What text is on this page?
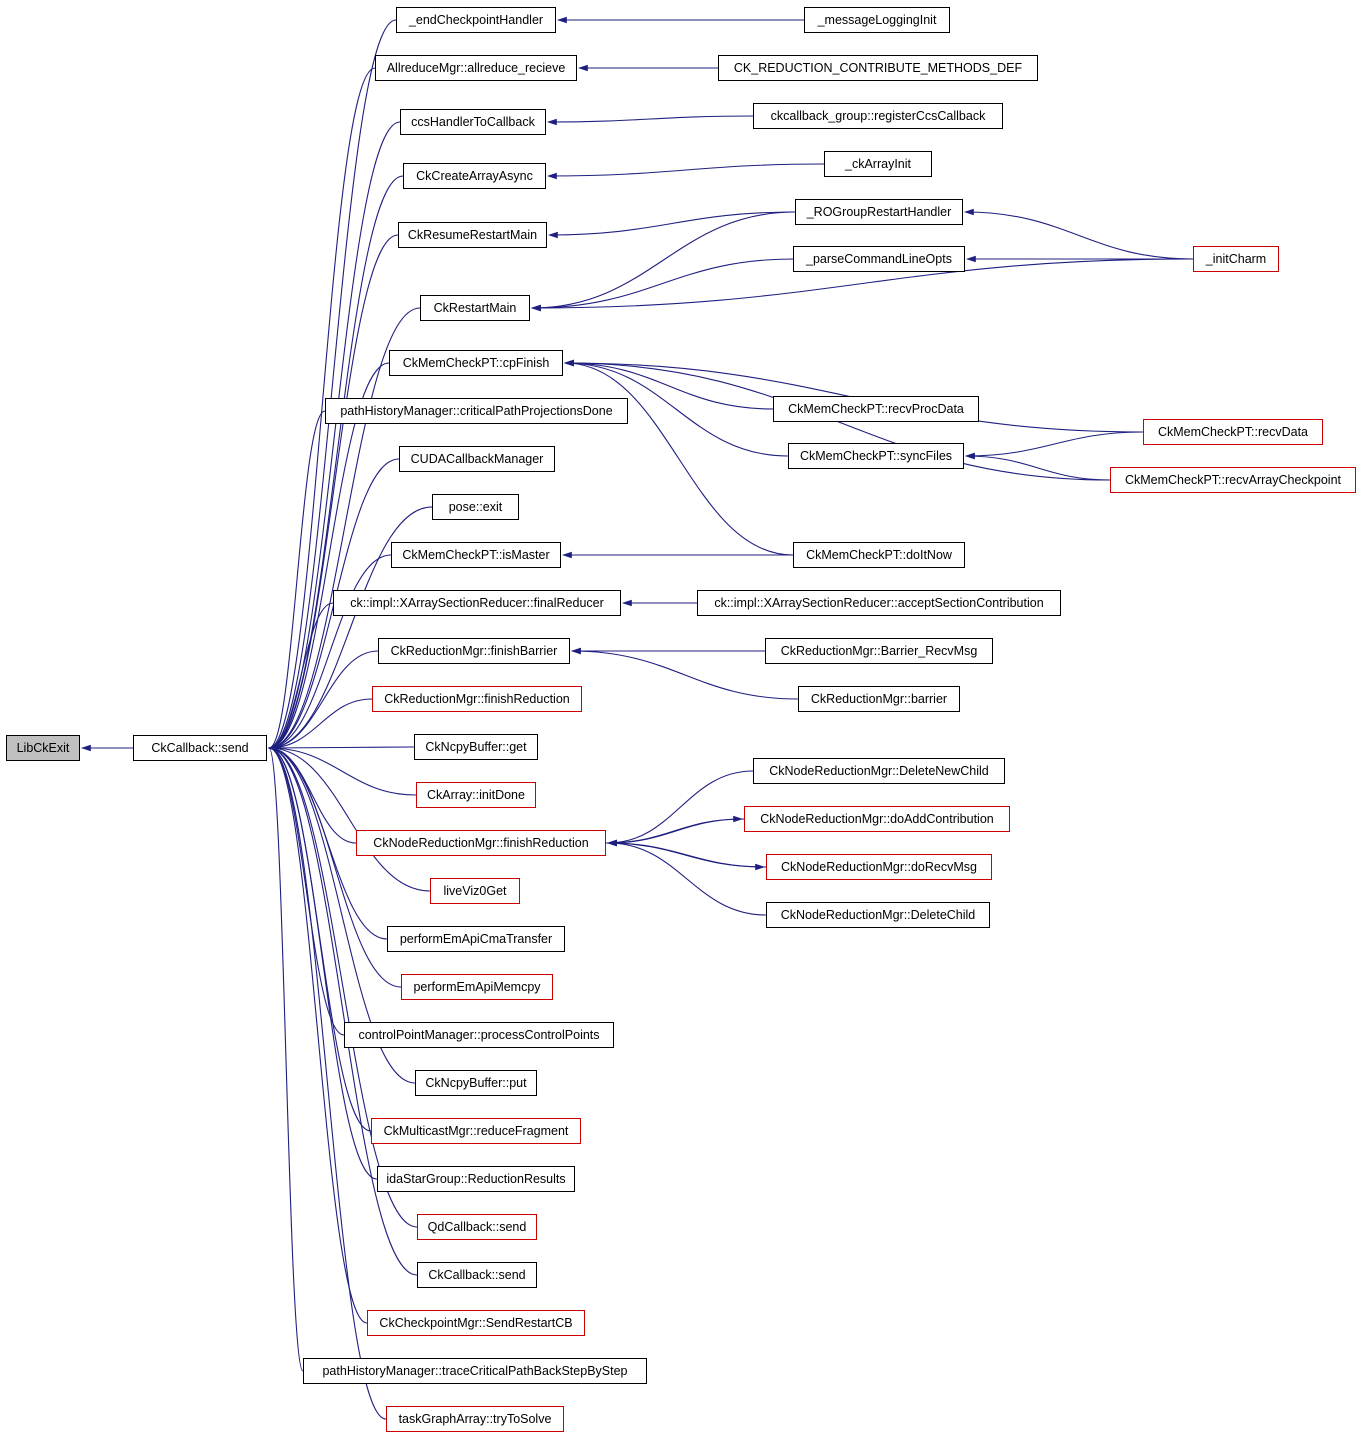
LibCkExit	CkCallback::send
_endCheckpointHandler	_messageLoggingInit
AllreduceMgr::allreduce_recieve	CK_REDUCTION_CONTRIBUTE_METHODS_DEF
ccsHandlerToCallback	ckcallback_group::registerCcsCallback
CkCreateArrayAsync
_ckArrayInit
CkResumeRestartMain
_ROGroupRestartHandler
_parseCommandLineOpts	_initCharm
CkRestartMain
CkMemCheckPT::cpFinish
CkMemCheckPT::recvProcData
CkMemCheckPT::recvData
CkMemCheckPT::syncFiles
CkMemCheckPT::recvArrayCheckpoint
pathHistoryManager::criticalPathProjectionsDone
CUDACallbackManager
pose::exit
CkMemCheckPT::isMaster	CkMemCheckPT::doItNow
ck::impl::XArraySectionReducer::finalReducer	ck::impl::XArraySectionReducer::acceptSectionContribution
CkReductionMgr::finishBarrier	CkReductionMgr::Barrier_RecvMsg
CkReductionMgr::barrier
CkReductionMgr::finishReduction
CkNcpyBuffer::get
CkArray::initDone
CkNodeReductionMgr::finishReduction
CkNodeReductionMgr::DeleteNewChild
CkNodeReductionMgr::doAddContribution
CkNodeReductionMgr::doRecvMsg
CkNodeReductionMgr::DeleteChild
liveViz0Get
performEmApiCmaTransfer
performEmApiMemcpy
controlPointManager::processControlPoints
CkNcpyBuffer::put
CkMulticastMgr::reduceFragment
idaStarGroup::ReductionResults
QdCallback::send
CkCallback::send
CkCheckpointMgr::SendRestartCB
pathHistoryManager::traceCriticalPathBackStepByStep
taskGraphArray::tryToSolve
